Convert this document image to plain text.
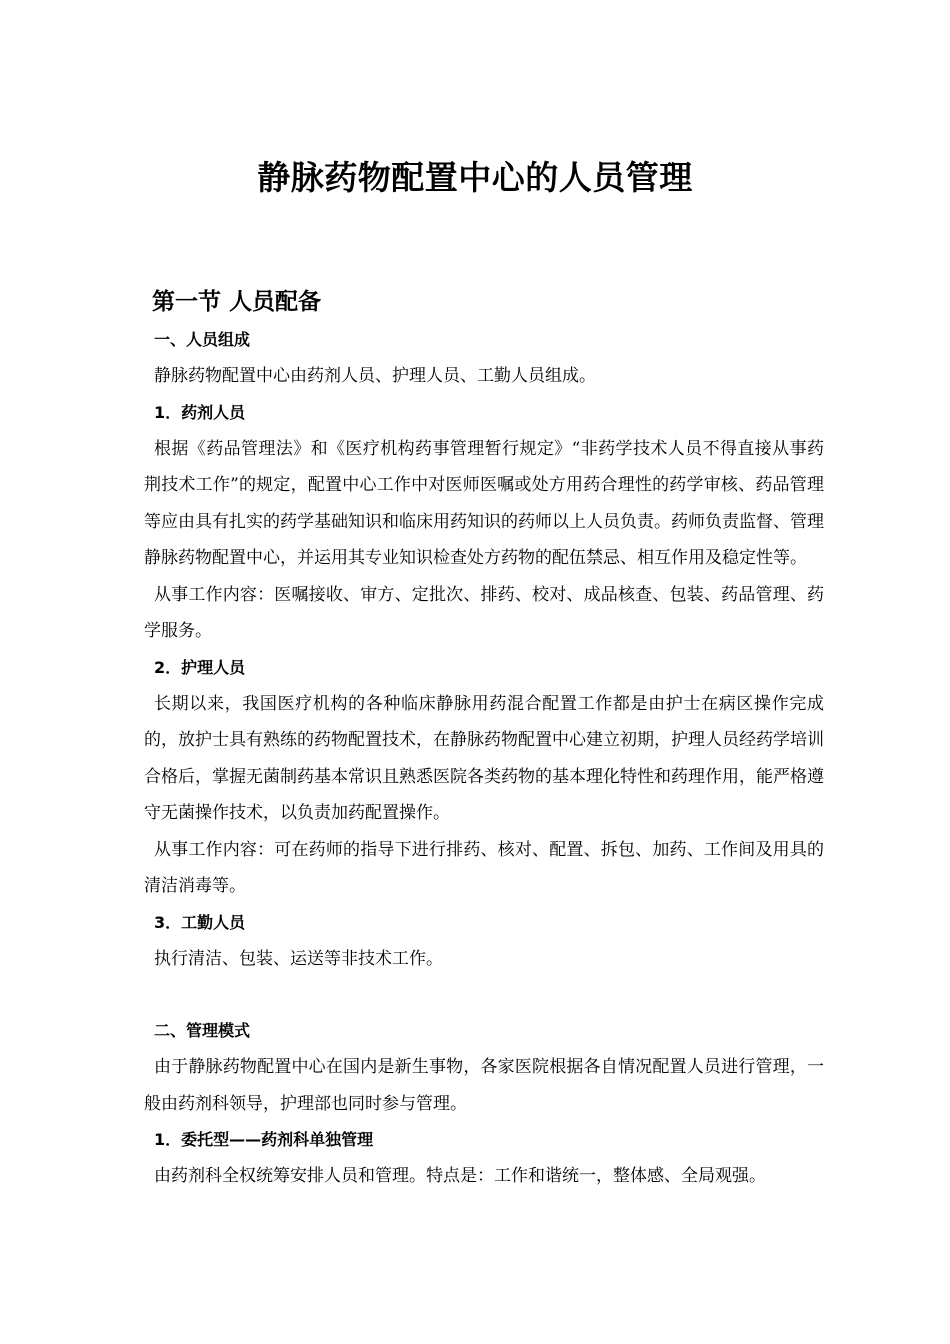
静脉药物配置中心的人员管理
第一节 人员配备
一、人员组成

静脉药物配置中心由药剂人员、护理人员、工勤人员组成。

1．药剂人员

根据《药品管理法》和《医疗机构药事管理暂行规定》“非药学技术人员不得直接从事药荆技术工作”的规定，配置中心工作中对医师医嘱或处方用药合理性的药学审核、药品管理等应由具有扎实的药学基础知识和临床用药知识的药师以上人员负责。药师负责监督、管理静脉药物配置中心，并运用其专业知识检查处方药物的配伍禁忌、相互作用及稳定性等。

从事工作内容：医嘱接收、审方、定批次、排药、校对、成品核查、包装、药品管理、药学服务。

2．护理人员

长期以来，我国医疗机构的各种临床静脉用药混合配置工作都是由护士在病区操作完成的，放护士具有熟练的药物配置技术，在静脉药物配置中心建立初期，护理人员经药学培训合格后，掌握无菌制药基本常识且熟悉医院各类药物的基本理化特性和药理作用，能严格遵守无菌操作技术，以负责加药配置操作。

从事工作内容：可在药师的指导下进行排药、核对、配置、拆包、加药、工作间及用具的清洁消毒等。

3．工勤人员

执行清洁、包装、运送等非技术工作。

二、管理模式

由于静脉药物配置中心在国内是新生事物，各家医院根据各自情况配置人员进行管理，一般由药剂科领导，护理部也同时参与管理。

1．委托型——药剂科单独管理

由药剂科全权统筹安排人员和管理。特点是：工作和谐统一，整体感、全局观强。
